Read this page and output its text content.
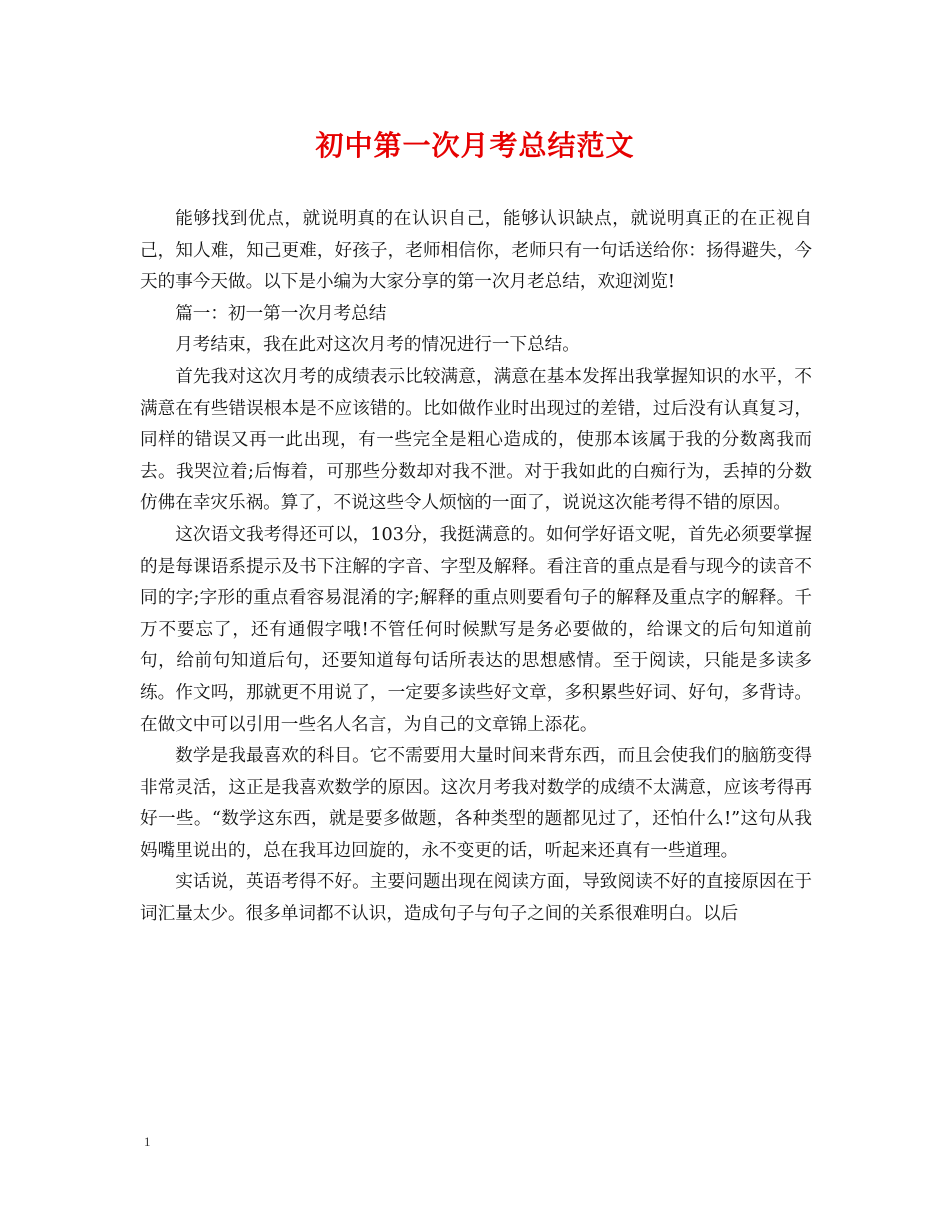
初中第一次月考总结范文

能够找到优点，就说明真的在认识自己，能够认识缺点，就说明真正的在正视自己，知人难，知己更难，好孩子，老师相信你，老师只有一句话送给你：扬得避失，今天的事今天做。以下是小编为大家分享的第一次月老总结，欢迎浏览!

篇一：初一第一次月考总结

月考结束，我在此对这次月考的情况进行一下总结。

首先我对这次月考的成绩表示比较满意，满意在基本发挥出我掌握知识的水平，不满意在有些错误根本是不应该错的。比如做作业时出现过的差错，过后没有认真复习，同样的错误又再一此出现，有一些完全是粗心造成的，使那本该属于我的分数离我而去。我哭泣着;后悔着，可那些分数却对我不泄。对于我如此的白痴行为，丢掉的分数仿佛在幸灾乐祸。算了，不说这些令人烦恼的一面了，说说这次能考得不错的原因。

这次语文我考得还可以，103分，我挺满意的。如何学好语文呢，首先必须要掌握的是每课语系提示及书下注解的字音、字型及解释。看注音的重点是看与现今的读音不同的字;字形的重点看容易混淆的字;解释的重点则要看句子的解释及重点字的解释。千万不要忘了，还有通假字哦!不管任何时候默写是务必要做的，给课文的后句知道前句，给前句知道后句，还要知道每句话所表达的思想感情。至于阅读，只能是多读多练。作文吗，那就更不用说了，一定要多读些好文章，多积累些好词、好句，多背诗。在做文中可以引用一些名人名言，为自己的文章锦上添花。

数学是我最喜欢的科目。它不需要用大量时间来背东西，而且会使我们的脑筋变得非常灵活，这正是我喜欢数学的原因。这次月考我对数学的成绩不太满意，应该考得再好一些。“数学这东西，就是要多做题，各种类型的题都见过了，还怕什么!”这句从我妈嘴里说出的，总在我耳边回旋的，永不变更的话，听起来还真有一些道理。

实话说，英语考得不好。主要问题出现在阅读方面，导致阅读不好的直接原因在于词汇量太少。很多单词都不认识，造成句子与句子之间的关系很难明白。以后

1
